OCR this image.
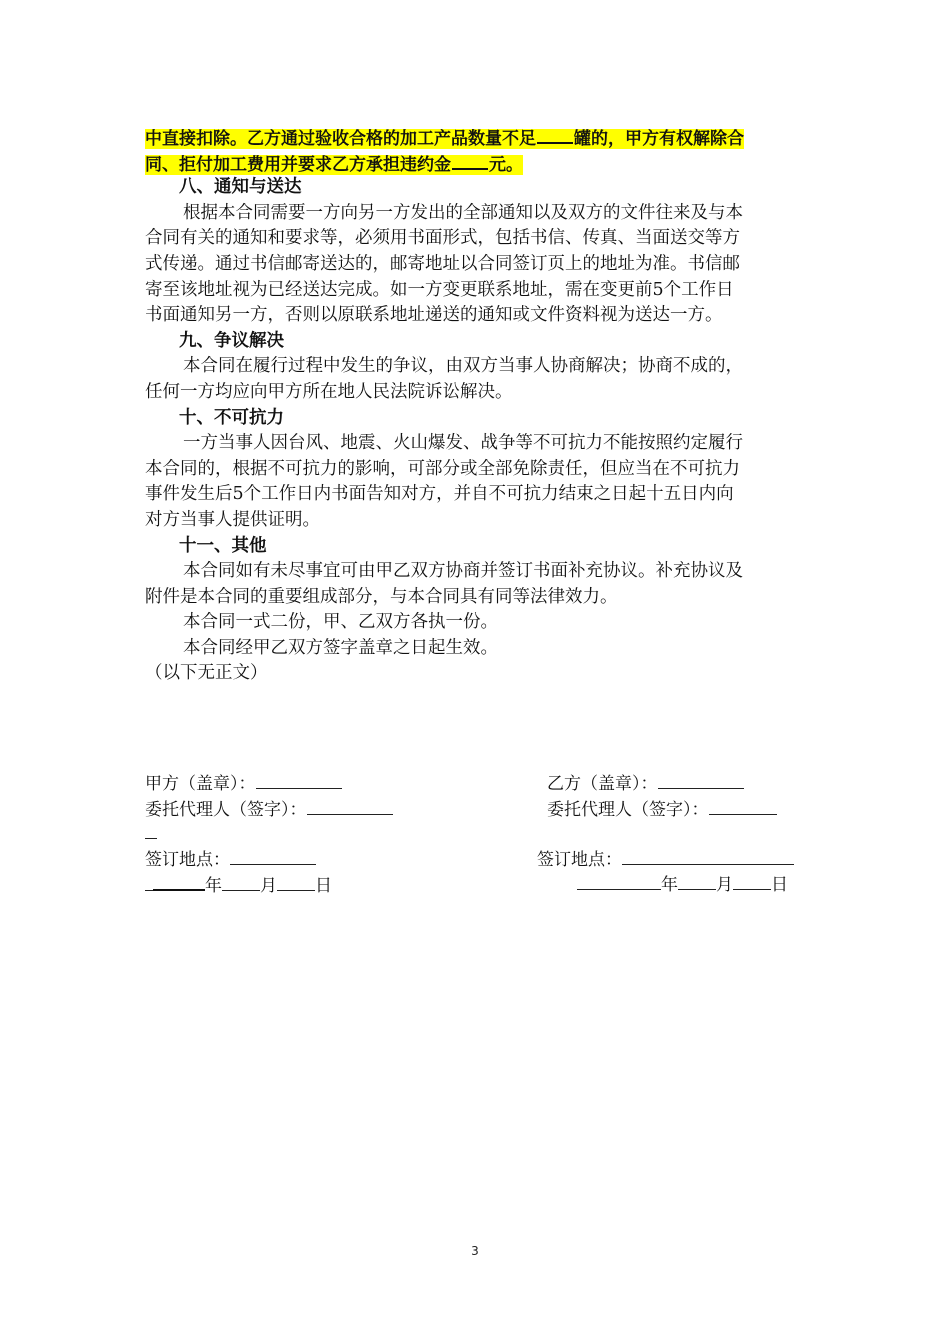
中直接扣除。乙方通过验收合格的加工产品数量不足 罐的，甲方有权解除合
同、拒付加工费用并要求乙方承担违约金 元。
八、通知与送达
根据本合同需要一方向另一方发出的全部通知以及双方的文件往来及与本
合同有关的通知和要求等，必须用书面形式，包括书信、传真、当面送交等方
式传递。通过书信邮寄送达的，邮寄地址以合同签订页上的地址为准。书信邮
寄至该地址视为已经送达完成。如一方变更联系地址，需在变更前5个工作日
书面通知另一方，否则以原联系地址递送的通知或文件资料视为送达一方。
九、争议解决
本合同在履行过程中发生的争议，由双方当事人协商解决；协商不成的，
任何一方均应向甲方所在地人民法院诉讼解决。
十、不可抗力
一方当事人因台风、地震、火山爆发、战争等不可抗力不能按照约定履行
本合同的，根据不可抗力的影响，可部分或全部免除责任，但应当在不可抗力
事件发生后5个工作日内书面告知对方，并自不可抗力结束之日起十五日内向
对方当事人提供证明。
十一、其他
本合同如有未尽事宜可由甲乙双方协商并签订书面补充协议。补充协议及
附件是本合同的重要组成部分，与本合同具有同等法律效力。
本合同一式二份，甲、乙双方各执一份。
本合同经甲乙双方签字盖章之日起生效。
（以下无正文）
甲方（盖章）：
委托代理人（签字）：
签订地点：
年 月 日
乙方（盖章）：
委托代理人（签字）：
签订地点：
年 月 日
3
